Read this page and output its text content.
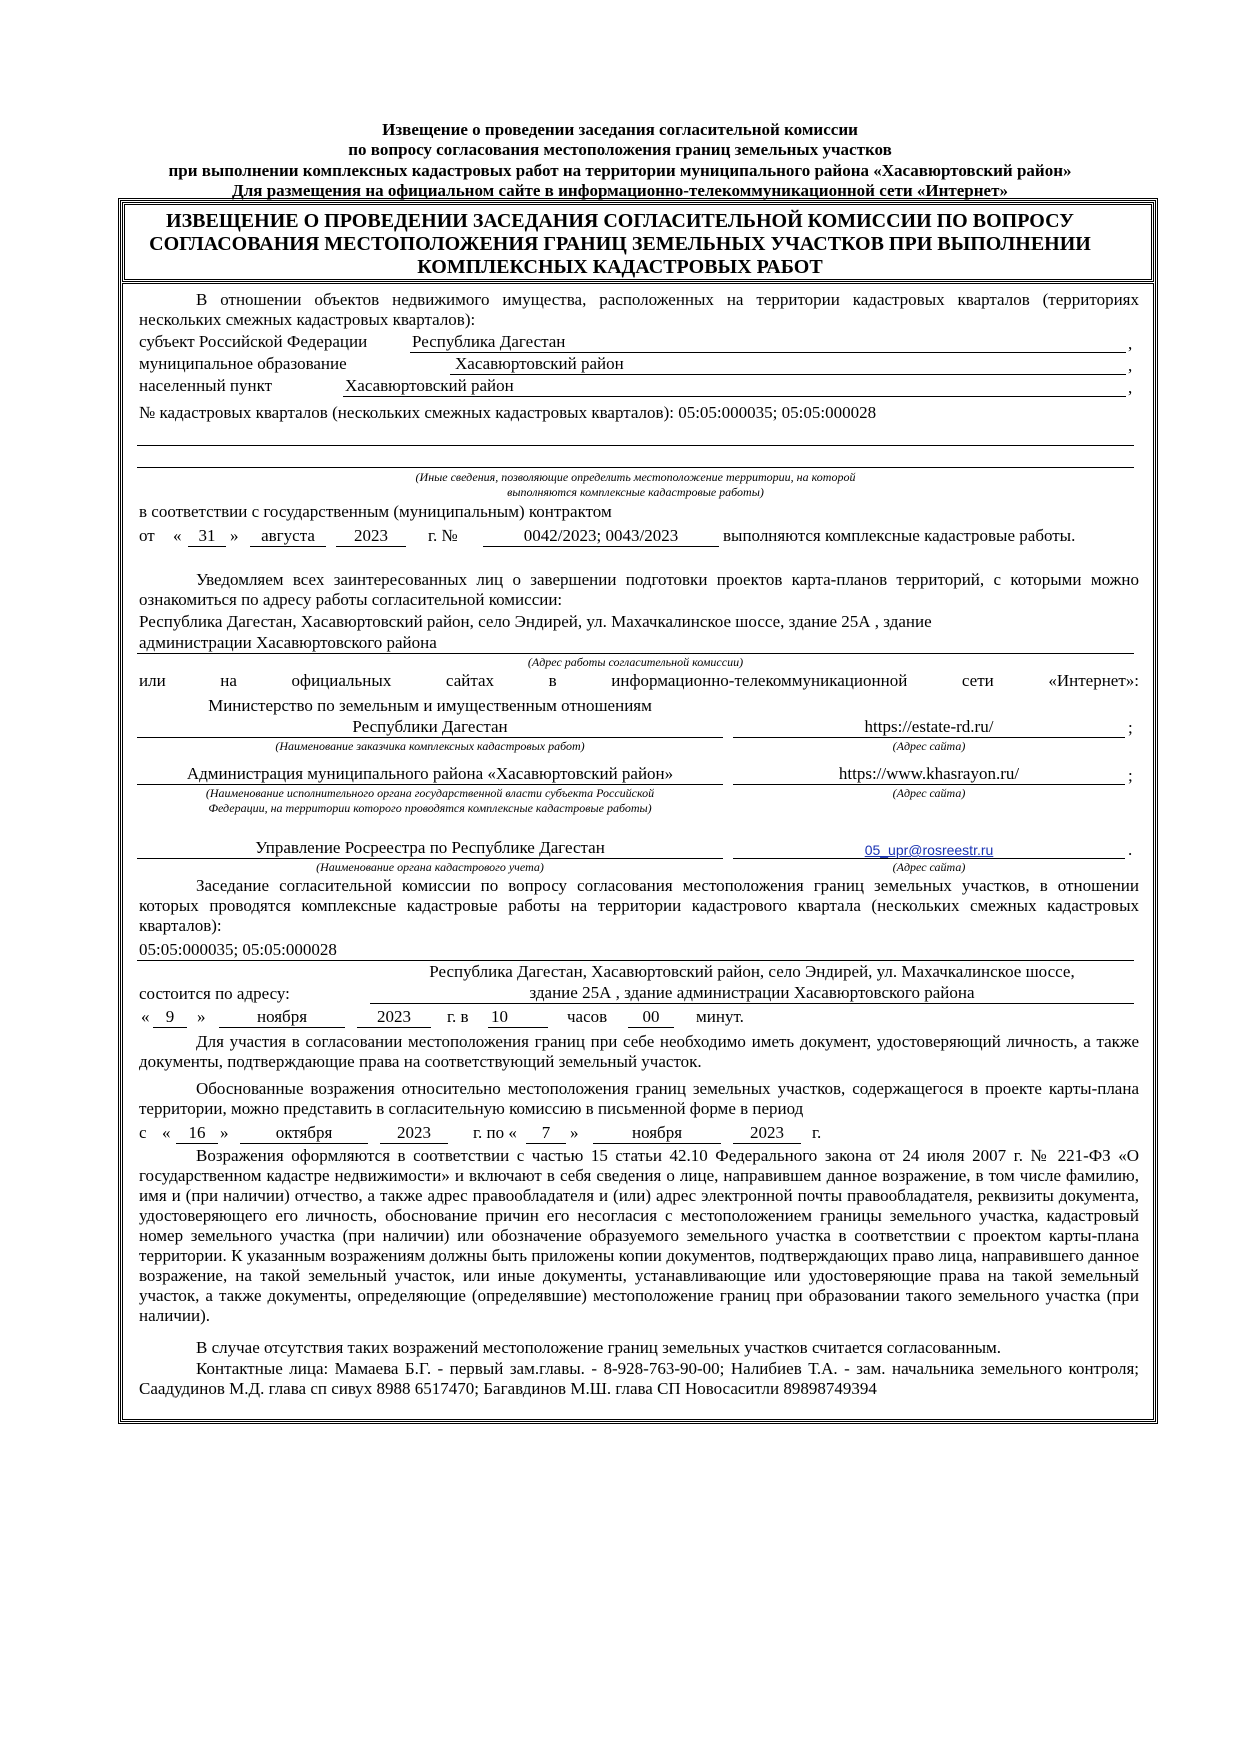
Извещение о проведении заседания согласительной комиссии
по вопросу согласования местоположения границ земельных участков
при выполнении комплексных кадастровых работ на территории муниципального района «Хасавюртовский район»
Для размещения на официальном сайте в информационно-телекоммуникационной сети «Интернет»
ИЗВЕЩЕНИЕ О ПРОВЕДЕНИИ ЗАСЕДАНИЯ СОГЛАСИТЕЛЬНОЙ КОМИССИИ ПО ВОПРОСУ
СОГЛАСОВАНИЯ МЕСТОПОЛОЖЕНИЯ ГРАНИЦ ЗЕМЕЛЬНЫХ УЧАСТКОВ ПРИ ВЫПОЛНЕНИИ
КОМПЛЕКСНЫХ КАДАСТРОВЫХ РАБОТ
В отношении объектов недвижимого имущества, расположенных на территории кадастровых кварталов (территориях нескольких смежных кадастровых кварталов):
субъект Российской Федерации	Республика Дагестан	,
муниципальное образование	Хасавюртовский район	,
населенный пункт	Хасавюртовский район	,
№ кадастровых кварталов (нескольких смежных кадастровых кварталов): 05:05:000035; 05:05:000028
(Иные сведения, позволяющие определить местоположение территории, на которой
выполняются комплексные кадастровые работы)
в соответствии с государственным (муниципальным) контрактом
от «	31 »	августа	2023	г. №	0042/2023; 0043/2023	выполняются комплексные кадастровые работы.
Уведомляем всех заинтересованных лиц о завершении подготовки проектов карта-планов территорий, с которыми можно ознакомиться по адресу работы согласительной комиссии:
Республика Дагестан, Хасавюртовский район, село Эндирей, ул. Махачкалинское шоссе, здание 25А , здание
администрации Хасавюртовского района
(Адрес работы согласительной комиссии)
или на официальных сайтах в информационно-телекоммуникационной сети «Интернет»:
Министерство по земельным и имущественным отношениям
Республики Дагестан
(Наименование заказчика комплексных кадастровых работ)
https://estate-rd.ru/
(Адрес сайта)
;
Администрация муниципального района «Хасавюртовский район»
(Наименование исполнительного органа государственной власти субъекта Российской
Федерации, на территории которого проводятся комплексные кадастровые работы)
https://www.khasrayon.ru/
(Адрес сайта)
;
Управление Росреестра по Республике Дагестан
(Наименование органа кадастрового учета)
05_upr@rosreestr.ru
(Адрес сайта)
.
Заседание согласительной комиссии по вопросу согласования местоположения границ земельных участков, в отношении которых проводятся комплексные кадастровые работы на территории кадастрового квартала (нескольких смежных кадастровых кварталов):
05:05:000035; 05:05:000028
состоится по адресу:
Республика Дагестан, Хасавюртовский район, село Эндирей, ул. Махачкалинское шоссе,
здание 25А , здание администрации Хасавюртовского района
« 9	»	ноября	2023	г. в 10	часов	00	минут.
Для участия в согласовании местоположения границ при себе необходимо иметь документ, удостоверяющий личность, а также документы, подтверждающие права на соответствующий земельный участок.
Обоснованные возражения относительно местоположения границ земельных участков, содержащегося в проекте карты-плана территории, можно представить в согласительную комиссию в письменной форме в период
с «	16 »	октября	2023	г. по «	7	»	ноября	2023	г.
Возражения оформляются в соответствии с частью 15 статьи 42.10 Федерального закона от 24 июля 2007 г. № 221-ФЗ «О государственном кадастре недвижимости» и включают в себя сведения о лице, направившем данное возражение, в том числе фамилию, имя и (при наличии) отчество, а также адрес правообладателя и (или) адрес электронной почты правообладателя, реквизиты документа, удостоверяющего его личность, обоснование причин его несогласия с местоположением границы земельного участка, кадастровый номер земельного участка (при наличии) или обозначение образуемого земельного участка в соответствии с проектом карты-плана территории. К указанным возражениям должны быть приложены копии документов, подтверждающих право лица, направившего данное возражение, на такой земельный участок, или иные документы, устанавливающие или удостоверяющие права на такой земельный участок, а также документы, определяющие (определявшие) местоположение границ при образовании такого земельного участка (при наличии).
В случае отсутствия таких возражений местоположение границ земельных участков считается согласованным.
Контактные лица: Мамаева Б.Г. - первый зам.главы. - 8-928-763-90-00; Налибиев Т.А. - зам. начальника земельного контроля; Саадудинов М.Д. глава сп сивух 8988 6517470; Багавдинов М.Ш. глава СП Новосаситли 89898749394
